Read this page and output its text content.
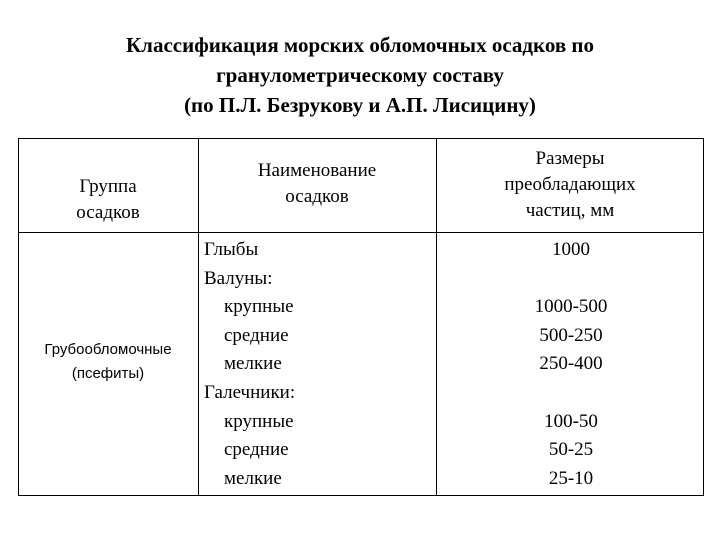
Классификация морских обломочных осадков по
гранулометрическому составу
(по П.Л. Безрукову и А.П. Лисицину)
Группа
осадков
Наименование
осадков
Размеры
преобладающих
частиц, мм
Грубообломочные
(псефиты)
Глыбы
Валуны:
крупные
средние
мелкие
Галечники:
крупные
средние
мелкие
1000
1000-500
500-250
250-400
100-50
50-25
25-10
